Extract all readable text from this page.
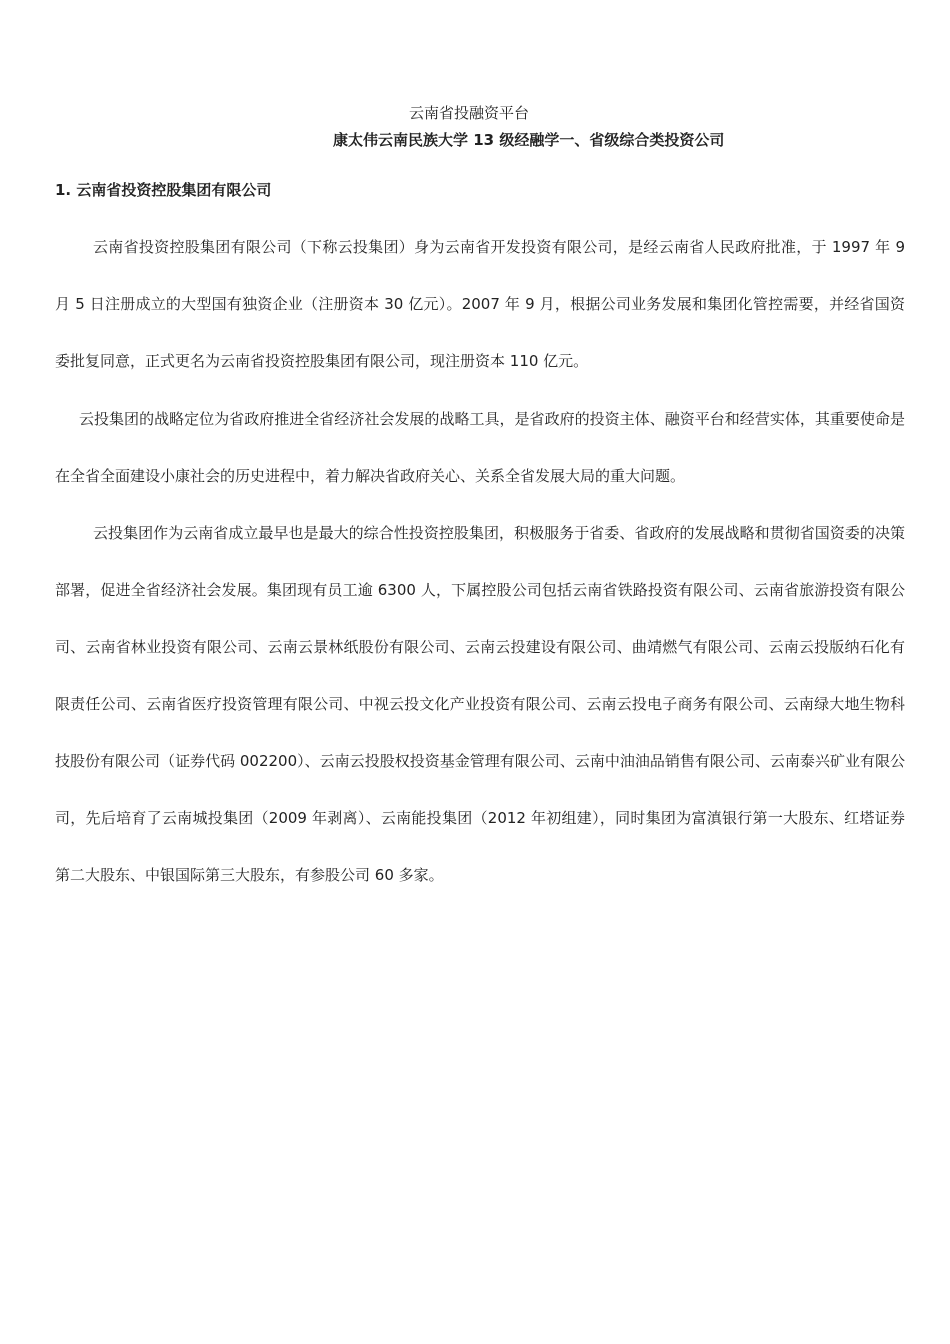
云南省投融资平台
康太伟云南民族大学 13 级经融学一、省级综合类投资公司
1. 云南省投资控股集团有限公司

云南省投资控股集团有限公司（下称云投集团）身为云南省开发投资有限公司，是经云南省人民政府批准，于 1997 年 9 月 5 日注册成立的大型国有独资企业（注册资本 30 亿元）。2007 年 9 月，根据公司业务发展和集团化管控需要，并经省国资委批复同意，正式更名为云南省投资控股集团有限公司，现注册资本 110 亿元。

云投集团的战略定位为省政府推进全省经济社会发展的战略工具，是省政府的投资主体、融资平台和经营实体，其重要使命是在全省全面建设小康社会的历史进程中，着力解决省政府关心、关系全省发展大局的重大问题。

云投集团作为云南省成立最早也是最大的综合性投资控股集团，积极服务于省委、省政府的发展战略和贯彻省国资委的决策部署，促进全省经济社会发展。集团现有员工逾 6300 人，下属控股公司包括云南省铁路投资有限公司、云南省旅游投资有限公司、云南省林业投资有限公司、云南云景林纸股份有限公司、云南云投建设有限公司、曲靖燃气有限公司、云南云投版纳石化有限责任公司、云南省医疗投资管理有限公司、中视云投文化产业投资有限公司、云南云投电子商务有限公司、云南绿大地生物科技股份有限公司（证券代码 002200）、云南云投股权投资基金管理有限公司、云南中油油品销售有限公司、云南泰兴矿业有限公司，先后培育了云南城投集团（2009 年剥离）、云南能投集团（2012 年初组建），同时集团为富滇银行第一大股东、红塔证券第二大股东、中银国际第三大股东，有参股公司 60 多家。
